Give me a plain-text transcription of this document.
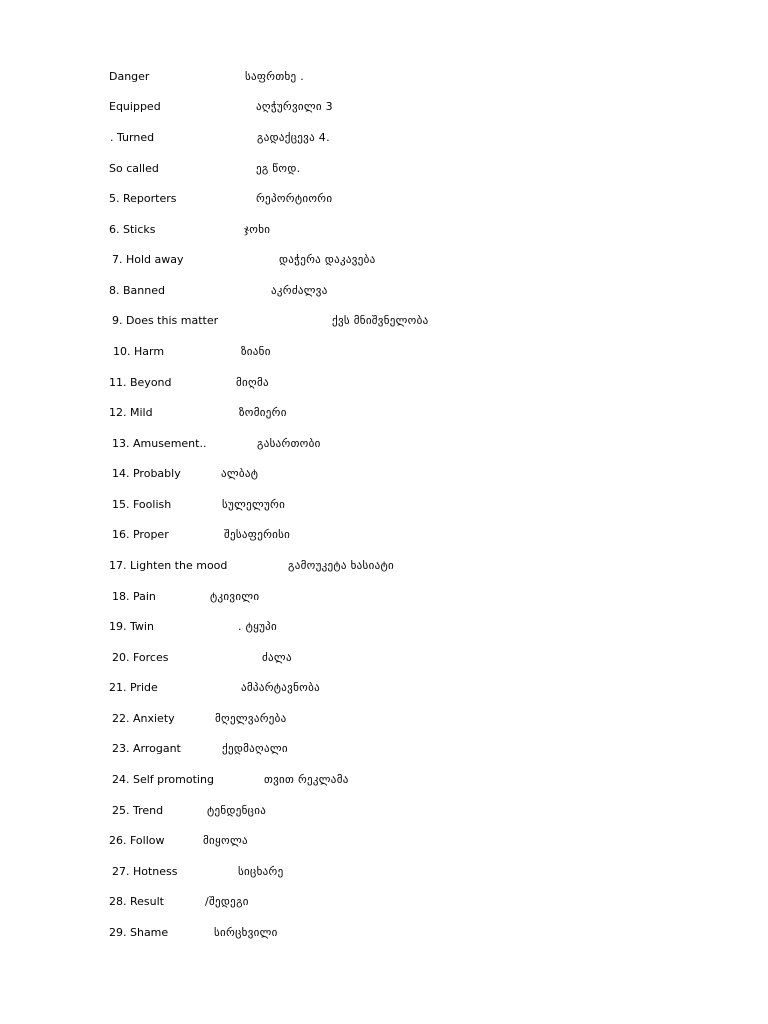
Danger	საფრთხე .
Equipped	აღჭურვილი 3
. Turned	გადაქცევა 4.
So called	ეგ წოდ.
5. Reporters	რეპორტიორი
6. Sticks	ჯოხი
7. Hold away	დაჭერა დაკავება
8. Banned	აკრძალვა
9. Does this matter	ქვს მნიშვნელობა
10. Harm	ზიანი
11. Beyond	მიღმა
12. Mild	ზომიერი
13. Amusement..	გასართობი
14. Probably	ალბატ
15. Foolish	სულელური
16. Proper	შესაფერისი
17. Lighten the mood	გამოუკეტა ხასიატი
18. Pain	ტკივილი
19. Twin	. ტყუპი
20. Forces	ძალა
21. Pride	ამპარტავნობა
22. Anxiety	მღელვარება
23. Arrogant	ქედმაღალი
24. Self promoting	თვით რეკლამა
25. Trend	ტენდენცია
26. Follow	მიყოლა
27. Hotness	სიცხარე
28. Result	/შედეგი
29. Shame	სირცხვილი
